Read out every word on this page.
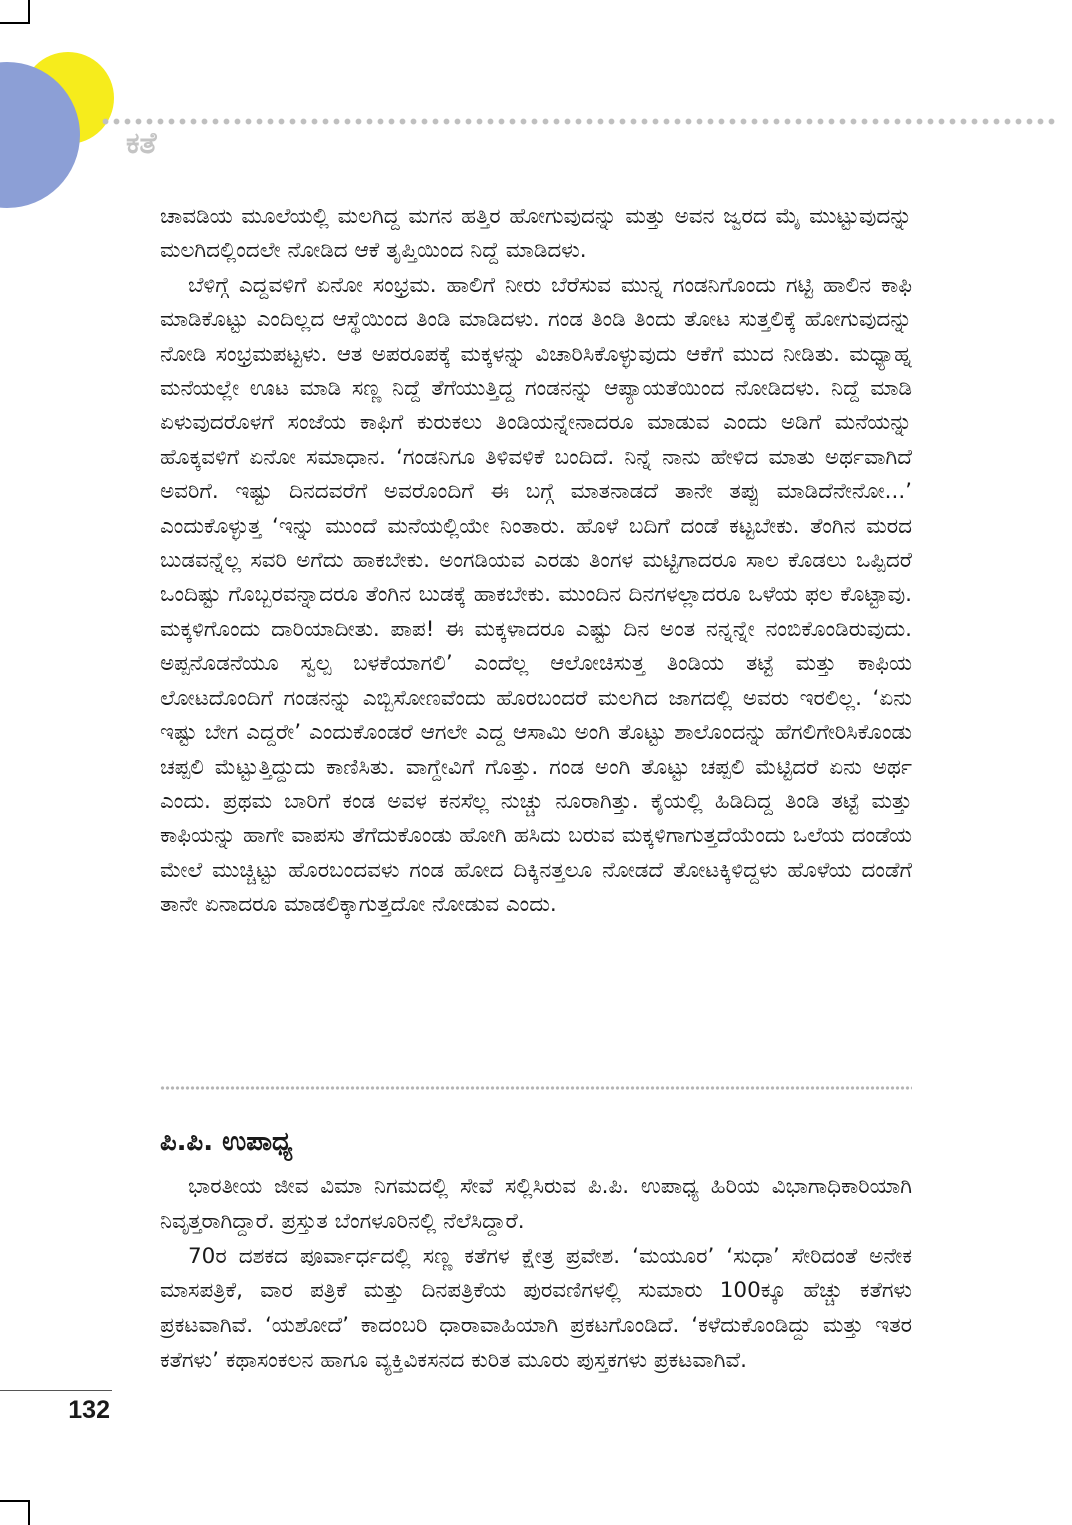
ಕತೆ

ಚಾವಡಿಯ ಮೂಲೆಯಲ್ಲಿ ಮಲಗಿದ್ದ ಮಗನ ಹತ್ತಿರ ಹೋಗುವುದನ್ನು ಮತ್ತು ಅವನ ಜ್ವರದ ಮೈ ಮುಟ್ಟುವುದನ್ನು ಮಲಗಿದಲ್ಲಿಂದಲೇ ನೋಡಿದ ಆಕೆ ತೃಪ್ತಿಯಿಂದ ನಿದ್ದೆ ಮಾಡಿದಳು.

ಬೆಳಿಗ್ಗೆ ಎದ್ದವಳಿಗೆ ಏನೋ ಸಂಭ್ರಮ. ಹಾಲಿಗೆ ನೀರು ಬೆರೆಸುವ ಮುನ್ನ ಗಂಡನಿಗೊಂದು ಗಟ್ಟಿ ಹಾಲಿನ ಕಾಫಿ ಮಾಡಿಕೊಟ್ಟು ಎಂದಿಲ್ಲದ ಆಸ್ಥೆಯಿಂದ ತಿಂಡಿ ಮಾಡಿದಳು. ಗಂಡ ತಿಂಡಿ ತಿಂದು ತೋಟ ಸುತ್ತಲಿಕ್ಕೆ ಹೋಗುವುದನ್ನು ನೋಡಿ ಸಂಭ್ರಮಪಟ್ಟಳು. ಆತ ಅಪರೂಪಕ್ಕೆ ಮಕ್ಕಳನ್ನು ವಿಚಾರಿಸಿಕೊಳ್ಳುವುದು ಆಕೆಗೆ ಮುದ ನೀಡಿತು. ಮಧ್ಯಾಹ್ನ ಮನೆಯಲ್ಲೇ ಊಟ ಮಾಡಿ ಸಣ್ಣ ನಿದ್ದೆ ತೆಗೆಯುತ್ತಿದ್ದ ಗಂಡನನ್ನು ಆಪ್ಯಾಯತೆಯಿಂದ ನೋಡಿದಳು. ನಿದ್ದೆ ಮಾಡಿ ಏಳುವುದರೊಳಗೆ ಸಂಜೆಯ ಕಾಫಿಗೆ ಕುರುಕಲು ತಿಂಡಿಯನ್ನೇನಾದರೂ ಮಾಡುವ ಎಂದು ಅಡಿಗೆ ಮನೆಯನ್ನು ಹೊಕ್ಕವಳಿಗೆ ಏನೋ ಸಮಾಧಾನ. ‘ಗಂಡನಿಗೂ ತಿಳಿವಳಿಕೆ ಬಂದಿದೆ. ನಿನ್ನೆ ನಾನು ಹೇಳಿದ ಮಾತು ಅರ್ಥವಾಗಿದೆ ಅವರಿಗೆ. ಇಷ್ಟು ದಿನದವರೆಗೆ ಅವರೊಂದಿಗೆ ಈ ಬಗ್ಗೆ ಮಾತನಾಡದೆ ತಾನೇ ತಪ್ಪು ಮಾಡಿದೆನೇನೋ...’ ಎಂದುಕೊಳ್ಳುತ್ತ ‘ಇನ್ನು ಮುಂದೆ ಮನೆಯಲ್ಲಿಯೇ ನಿಂತಾರು. ಹೊಳೆ ಬದಿಗೆ ದಂಡೆ ಕಟ್ಟಬೇಕು. ತೆಂಗಿನ ಮರದ ಬುಡವನ್ನೆಲ್ಲ ಸವರಿ ಅಗೆದು ಹಾಕಬೇಕು. ಅಂಗಡಿಯವ ಎರಡು ತಿಂಗಳ ಮಟ್ಟಿಗಾದರೂ ಸಾಲ ಕೊಡಲು ಒಪ್ಪಿದರೆ ಒಂದಿಷ್ಟು ಗೊಬ್ಬರವನ್ನಾದರೂ ತೆಂಗಿನ ಬುಡಕ್ಕೆ ಹಾಕಬೇಕು. ಮುಂದಿನ ದಿನಗಳಲ್ಲಾದರೂ ಒಳೆಯ ಫಲ ಕೊಟ್ಟಾವು. ಮಕ್ಕಳಿಗೊಂದು ದಾರಿಯಾದೀತು. ಪಾಪ! ಈ ಮಕ್ಕಳಾದರೂ ಎಷ್ಟು ದಿನ ಅಂತ ನನ್ನನ್ನೇ ನಂಬಿಕೊಂಡಿರುವುದು. ಅಪ್ಪನೊಡನೆಯೂ ಸ್ವಲ್ಪ ಬಳಕೆಯಾಗಲಿ’ ಎಂದೆಲ್ಲ ಆಲೋಚಿಸುತ್ತ ತಿಂಡಿಯ ತಟ್ಟೆ ಮತ್ತು ಕಾಫಿಯ ಲೋಟದೊಂದಿಗೆ ಗಂಡನನ್ನು ಎಬ್ಬಿಸೋಣವೆಂದು ಹೊರಬಂದರೆ ಮಲಗಿದ ಜಾಗದಲ್ಲಿ ಅವರು ಇರಲಿಲ್ಲ. ‘ಏನು ಇಷ್ಟು ಬೇಗ ಎದ್ದರೇ’ ಎಂದುಕೊಂಡರೆ ಆಗಲೇ ಎದ್ದ ಆಸಾಮಿ ಅಂಗಿ ತೊಟ್ಟು ಶಾಲೊಂದನ್ನು ಹೆಗಲಿಗೇರಿಸಿಕೊಂಡು ಚಪ್ಪಲಿ ಮೆಟ್ಟುತ್ತಿದ್ದುದು ಕಾಣಿಸಿತು. ವಾಗ್ದೇವಿಗೆ ಗೊತ್ತು. ಗಂಡ ಅಂಗಿ ತೊಟ್ಟು ಚಪ್ಪಲಿ ಮೆಟ್ಟಿದರೆ ಏನು ಅರ್ಥ ಎಂದು. ಪ್ರಥಮ ಬಾರಿಗೆ ಕಂಡ ಅವಳ ಕನಸೆಲ್ಲ ನುಚ್ಚು ನೂರಾಗಿತ್ತು. ಕೈಯಲ್ಲಿ ಹಿಡಿದಿದ್ದ ತಿಂಡಿ ತಟ್ಟೆ ಮತ್ತು ಕಾಫಿಯನ್ನು ಹಾಗೇ ವಾಪಸು ತೆಗೆದುಕೊಂಡು ಹೋಗಿ ಹಸಿದು ಬರುವ ಮಕ್ಕಳಿಗಾಗುತ್ತದೆಯೆಂದು ಒಲೆಯ ದಂಡೆಯ ಮೇಲೆ ಮುಚ್ಚಿಟ್ಟು ಹೊರಬಂದವಳು ಗಂಡ ಹೋದ ದಿಕ್ಕಿನತ್ತಲೂ ನೋಡದೆ ತೋಟಕ್ಕಿಳಿದ್ದಳು ಹೊಳೆಯ ದಂಡೆಗೆ ತಾನೇ ಏನಾದರೂ ಮಾಡಲಿಕ್ಕಾಗುತ್ತದೋ ನೋಡುವ ಎಂದು.

ಪಿ.ಪಿ. ಉಪಾಧ್ಯ

ಭಾರತೀಯ ಜೀವ ವಿಮಾ ನಿಗಮದಲ್ಲಿ ಸೇವೆ ಸಲ್ಲಿಸಿರುವ ಪಿ.ಪಿ. ಉಪಾಧ್ಯ ಹಿರಿಯ ವಿಭಾಗಾಧಿಕಾರಿಯಾಗಿ ನಿವೃತ್ತರಾಗಿದ್ದಾರೆ. ಪ್ರಸ್ತುತ ಬೆಂಗಳೂರಿನಲ್ಲಿ ನೆಲೆಸಿದ್ದಾರೆ.

70ರ ದಶಕದ ಪೂರ್ವಾರ್ಧದಲ್ಲಿ ಸಣ್ಣ ಕತೆಗಳ ಕ್ಷೇತ್ರ ಪ್ರವೇಶ. ‘ಮಯೂರ’ ‘ಸುಧಾ’ ಸೇರಿದಂತೆ ಅನೇಕ ಮಾಸಪತ್ರಿಕೆ, ವಾರ ಪತ್ರಿಕೆ ಮತ್ತು ದಿನಪತ್ರಿಕೆಯ ಪುರವಣಿಗಳಲ್ಲಿ ಸುಮಾರು 100ಕ್ಕೂ ಹೆಚ್ಚು ಕತೆಗಳು ಪ್ರಕಟವಾಗಿವೆ. ‘ಯಶೋದೆ’ ಕಾದಂಬರಿ ಧಾರಾವಾಹಿಯಾಗಿ ಪ್ರಕಟಗೊಂಡಿದೆ. ‘ಕಳೆದುಕೊಂಡಿದ್ದು ಮತ್ತು ಇತರ ಕತೆಗಳು’ ಕಥಾಸಂಕಲನ ಹಾಗೂ ವ್ಯಕ್ತಿವಿಕಸನದ ಕುರಿತ ಮೂರು ಪುಸ್ತಕಗಳು ಪ್ರಕಟವಾಗಿವೆ.

132
